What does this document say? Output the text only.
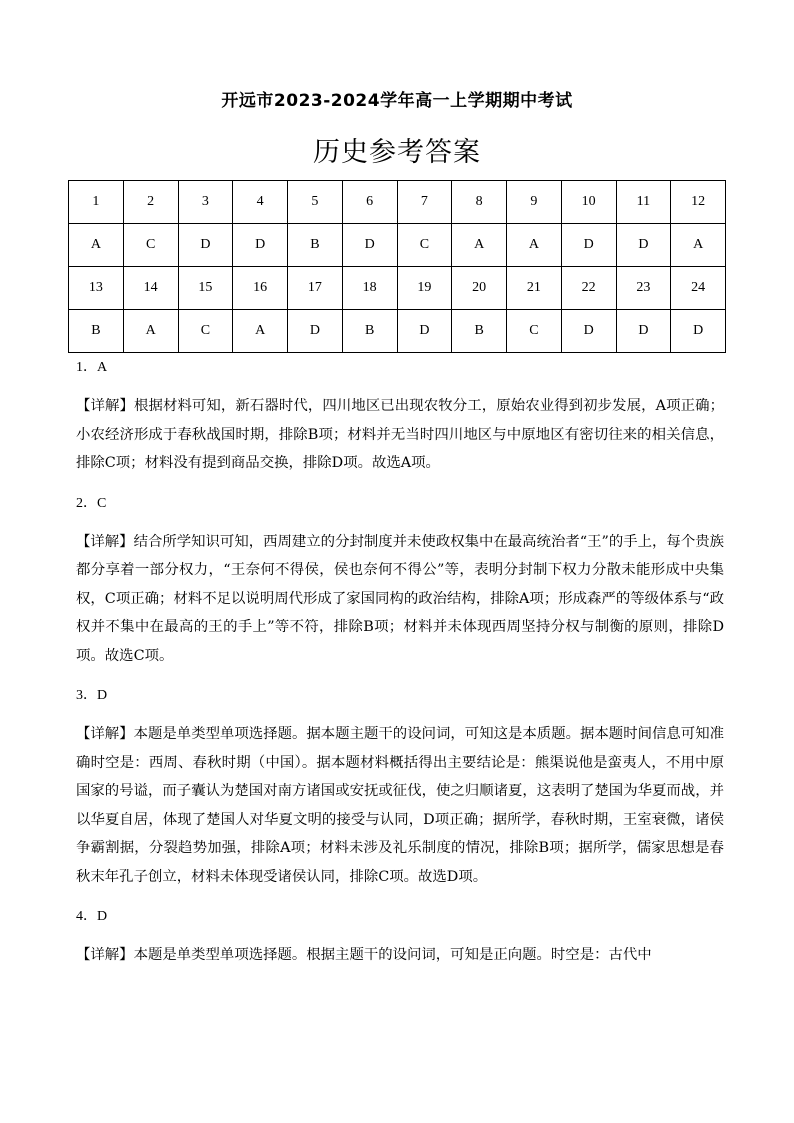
开远市2023-2024学年高一上学期期中考试
历史参考答案
1	2	3	4	5	6	7	8	9	10	11	12
A	C	D	D	B	D	C	A	A	D	D	A
13	14	15	16	17	18	19	20	21	22	23	24
B	A	C	A	D	B	D	B	C	D	D	D
1．A
【详解】根据材料可知，新石器时代，四川地区已出现农牧分工，原始农业得到初步发展，A项正确；小农经济形成于春秋战国时期，排除B项；材料并无当时四川地区与中原地区有密切往来的相关信息，排除C项；材料没有提到商品交换，排除D项。故选A项。
2．C
【详解】结合所学知识可知，西周建立的分封制度并未使政权集中在最高统治者“王”的手上，每个贵族都分享着一部分权力，“王奈何不得侯，侯也奈何不得公”等，表明分封制下权力分散未能形成中央集权，C项正确；材料不足以说明周代形成了家国同构的政治结构，排除A项；形成森严的等级体系与“政权并不集中在最高的王的手上”等不符，排除B项；材料并未体现西周坚持分权与制衡的原则，排除D项。故选C项。
3．D
【详解】本题是单类型单项选择题。据本题主题干的设问词，可知这是本质题。据本题时间信息可知准确时空是：西周、春秋时期（中国）。据本题材料概括得出主要结论是：熊渠说他是蛮夷人，不用中原国家的号谥，而子囊认为楚国对南方诸国或安抚或征伐，使之归顺诸夏，这表明了楚国为华夏而战，并以华夏自居，体现了楚国人对华夏文明的接受与认同，D项正确；据所学，春秋时期，王室衰微，诸侯争霸割据，分裂趋势加强，排除A项；材料未涉及礼乐制度的情况，排除B项；据所学，儒家思想是春秋末年孔子创立，材料未体现受诸侯认同，排除C项。故选D项。
4．D
【详解】本题是单类型单项选择题。根据主题干的设问词，可知是正向题。时空是：古代中
